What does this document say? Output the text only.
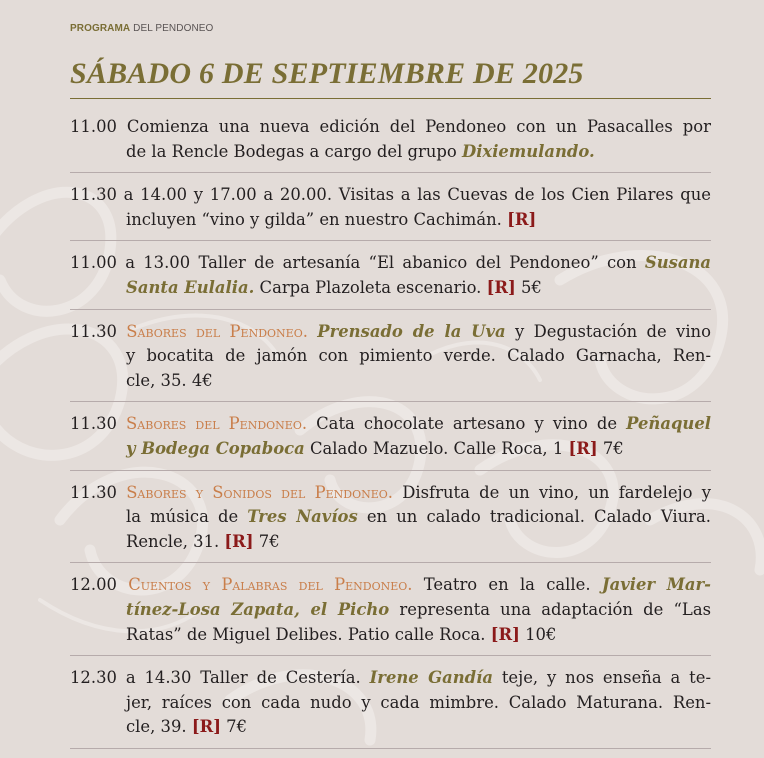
PROGRAMA DEL PENDONEO
SÁBADO 6 DE SEPTIEMBRE DE 2025
11.00 Comienza una nueva edición del Pendoneo con un Pasacalles por
de la Rencle Bodegas a cargo del grupo Dixiemulando.
11.30 a 14.00 y 17.00 a 20.00. Visitas a las Cuevas de los Cien Pilares que
incluyen “vino y gilda” en nuestro Cachimán. [R]
11.00 a 13.00 Taller de artesanía “El abanico del Pendoneo” con Susana
Santa Eulalia. Carpa Plazoleta escenario. [R] 5€
11.30 Sabores del Pendoneo. Prensado de la Uva y Degustación de vino
y bocatita de jamón con pimiento verde. Calado Garnacha, Ren-
cle, 35. 4€
11.30 Sabores del Pendoneo. Cata chocolate artesano y vino de Peñaquel
y Bodega Copaboca Calado Mazuelo. Calle Roca, 1 [R] 7€
11.30 Sabores y Sonidos del Pendoneo. Disfruta de un vino, un fardelejo y
la música de Tres Navíos en un calado tradicional. Calado Viura.
Rencle, 31. [R] 7€
12.00 Cuentos y Palabras del Pendoneo. Teatro en la calle. Javier Mar-
tínez-Losa Zapata, el Picho representa una adaptación de “Las
Ratas” de Miguel Delibes. Patio calle Roca. [R] 10€
12.30 a 14.30 Taller de Cestería. Irene Gandía teje, y nos enseña a te-
jer, raíces con cada nudo y cada mimbre. Calado Maturana. Ren-
cle, 39. [R] 7€
